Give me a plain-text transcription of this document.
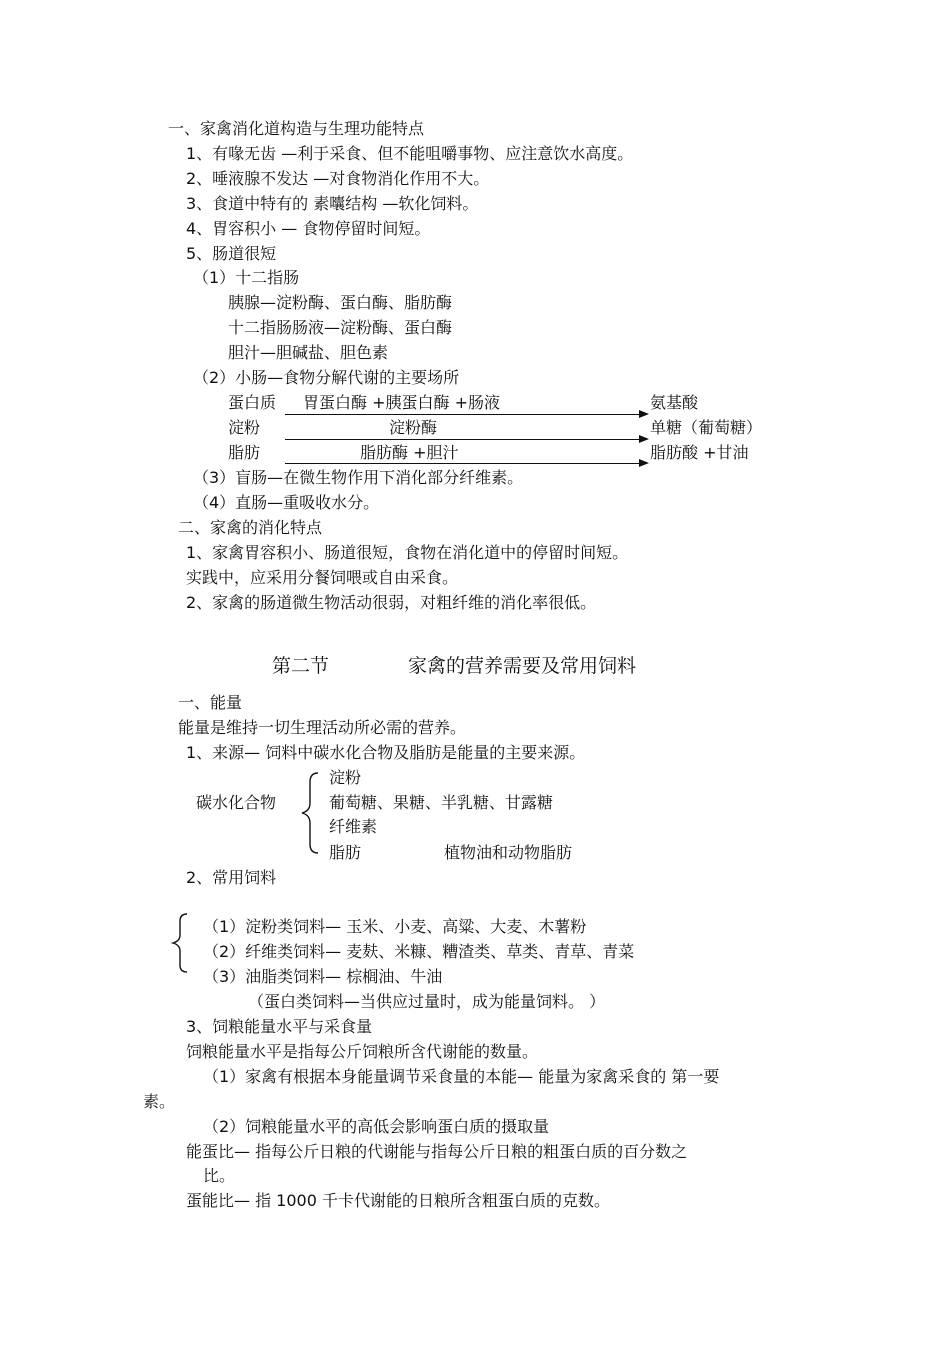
一、家禽消化道构造与生理功能特点
1、有喙无齿 —利于采食、但不能咀嚼事物、应注意饮水高度。
2、唾液腺不发达 —对食物消化作用不大。
3、食道中特有的 素囔结构 —软化饲料。
4、胃容积小 — 食物停留时间短。
5、肠道很短
（1）十二指肠
胰腺—淀粉酶、蛋白酶、脂肪酶
十二指肠肠液—淀粉酶、蛋白酶
胆汁—胆碱盐、胆色素
（2）小肠—食物分解代谢的主要场所
蛋白质 胃蛋白酶 +胰蛋白酶 +肠液	氨基酸
淀粉	淀粉酶	单糖（葡萄糖）
脂肪	脂肪酶 +胆汁	脂肪酸 +甘油
（3）盲肠—在微生物作用下消化部分纤维素。
（4）直肠—重吸收水分。
二、家禽的消化特点
1、家禽胃容积小、肠道很短，食物在消化道中的停留时间短。
实践中，应采用分餐饲喂或自由采食。
2、家禽的肠道微生物活动很弱，对粗纤维的消化率很低。
第二节	家禽的营养需要及常用饲料
一、能量
能量是维持一切生理活动所必需的营养。
1、来源— 饲料中碳水化合物及脂肪是能量的主要来源。
碳水化合物
淀粉
葡萄糖、果糖、半乳糖、甘露糖
纤维素
脂肪	植物油和动物脂肪
2、常用饲料
（1）淀粉类饲料— 玉米、小麦、高粱、大麦、木薯粉
（2）纤维类饲料— 麦麸、米糠、糟渣类、草类、青草、青菜
（3）油脂类饲料— 棕榈油、牛油
（蛋白类饲料—当供应过量时，成为能量饲料。 ）
3、饲粮能量水平与采食量
饲粮能量水平是指每公斤饲粮所含代谢能的数量。
（1）家禽有根据本身能量调节采食量的本能— 能量为家禽采食的 第一要
素。
（2）饲粮能量水平的高低会影响蛋白质的摄取量
能蛋比— 指每公斤日粮的代谢能与指每公斤日粮的粗蛋白质的百分数之
比。
蛋能比— 指 1000 千卡代谢能的日粮所含粗蛋白质的克数。
